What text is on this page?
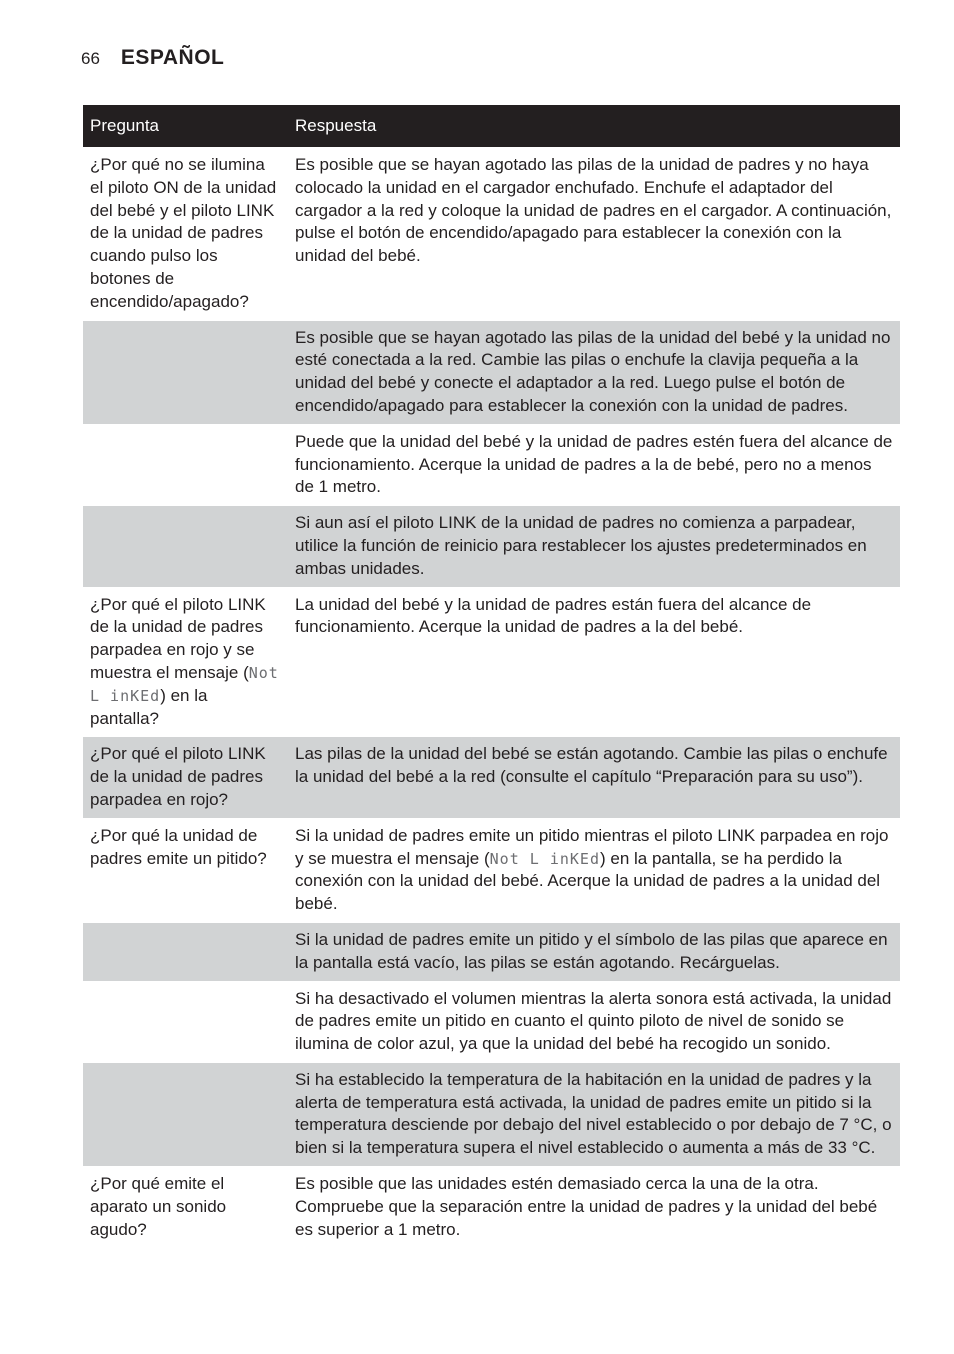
66 ESPAÑOL
Pregunta	Respuesta
¿Por qué no se ilumina el piloto ON de la unidad del bebé y el piloto LINK de la unidad de padres cuando pulso los botones de encendido/apagado?	Es posible que se hayan agotado las pilas de la unidad de padres y no haya colocado la unidad en el cargador enchufado. Enchufe el adaptador del cargador a la red y coloque la unidad de padres en el cargador. A continuación, pulse el botón de encendido/apagado para establecer la conexión con la unidad del bebé.
	Es posible que se hayan agotado las pilas de la unidad del bebé y la unidad no esté conectada a la red. Cambie las pilas o enchufe la clavija pequeña a la unidad del bebé y conecte el adaptador a la red. Luego pulse el botón de encendido/apagado para establecer la conexión con la unidad de padres.
	Puede que la unidad del bebé y la unidad de padres estén fuera del alcance de funcionamiento. Acerque la unidad de padres a la de bebé, pero no a menos de 1 metro.
	Si aun así el piloto LINK de la unidad de padres no comienza a parpadear, utilice la función de reinicio para restablecer los ajustes predeterminados en ambas unidades.
¿Por qué el piloto LINK de la unidad de padres parpadea en rojo y se muestra el mensaje (Not L inKEd) en la pantalla?	La unidad del bebé y la unidad de padres están fuera del alcance de funcionamiento. Acerque la unidad de padres a la del bebé.
¿Por qué el piloto LINK de la unidad de padres parpadea en rojo?	Las pilas de la unidad del bebé se están agotando. Cambie las pilas o enchufe la unidad del bebé a la red (consulte el capítulo “Preparación para su uso”).
¿Por qué la unidad de padres emite un pitido?	Si la unidad de padres emite un pitido mientras el piloto LINK parpadea en rojo y se muestra el mensaje (Not L inKEd) en la pantalla, se ha perdido la conexión con la unidad del bebé. Acerque la unidad de padres a la unidad del bebé.
	Si la unidad de padres emite un pitido y el símbolo de las pilas que aparece en la pantalla está vacío, las pilas se están agotando. Recárguelas.
	Si ha desactivado el volumen mientras la alerta sonora está activada, la unidad de padres emite un pitido en cuanto el quinto piloto de nivel de sonido se ilumina de color azul, ya que la unidad del bebé ha recogido un sonido.
	Si ha establecido la temperatura de la habitación en la unidad de padres y la alerta de temperatura está activada, la unidad de padres emite un pitido si la temperatura desciende por debajo del nivel establecido o por debajo de 7 °C, o bien si la temperatura supera el nivel establecido o aumenta a más de 33 °C.
¿Por qué emite el aparato un sonido agudo?	Es posible que las unidades estén demasiado cerca la una de la otra. Compruebe que la separación entre la unidad de padres y la unidad del bebé es superior a 1 metro.
